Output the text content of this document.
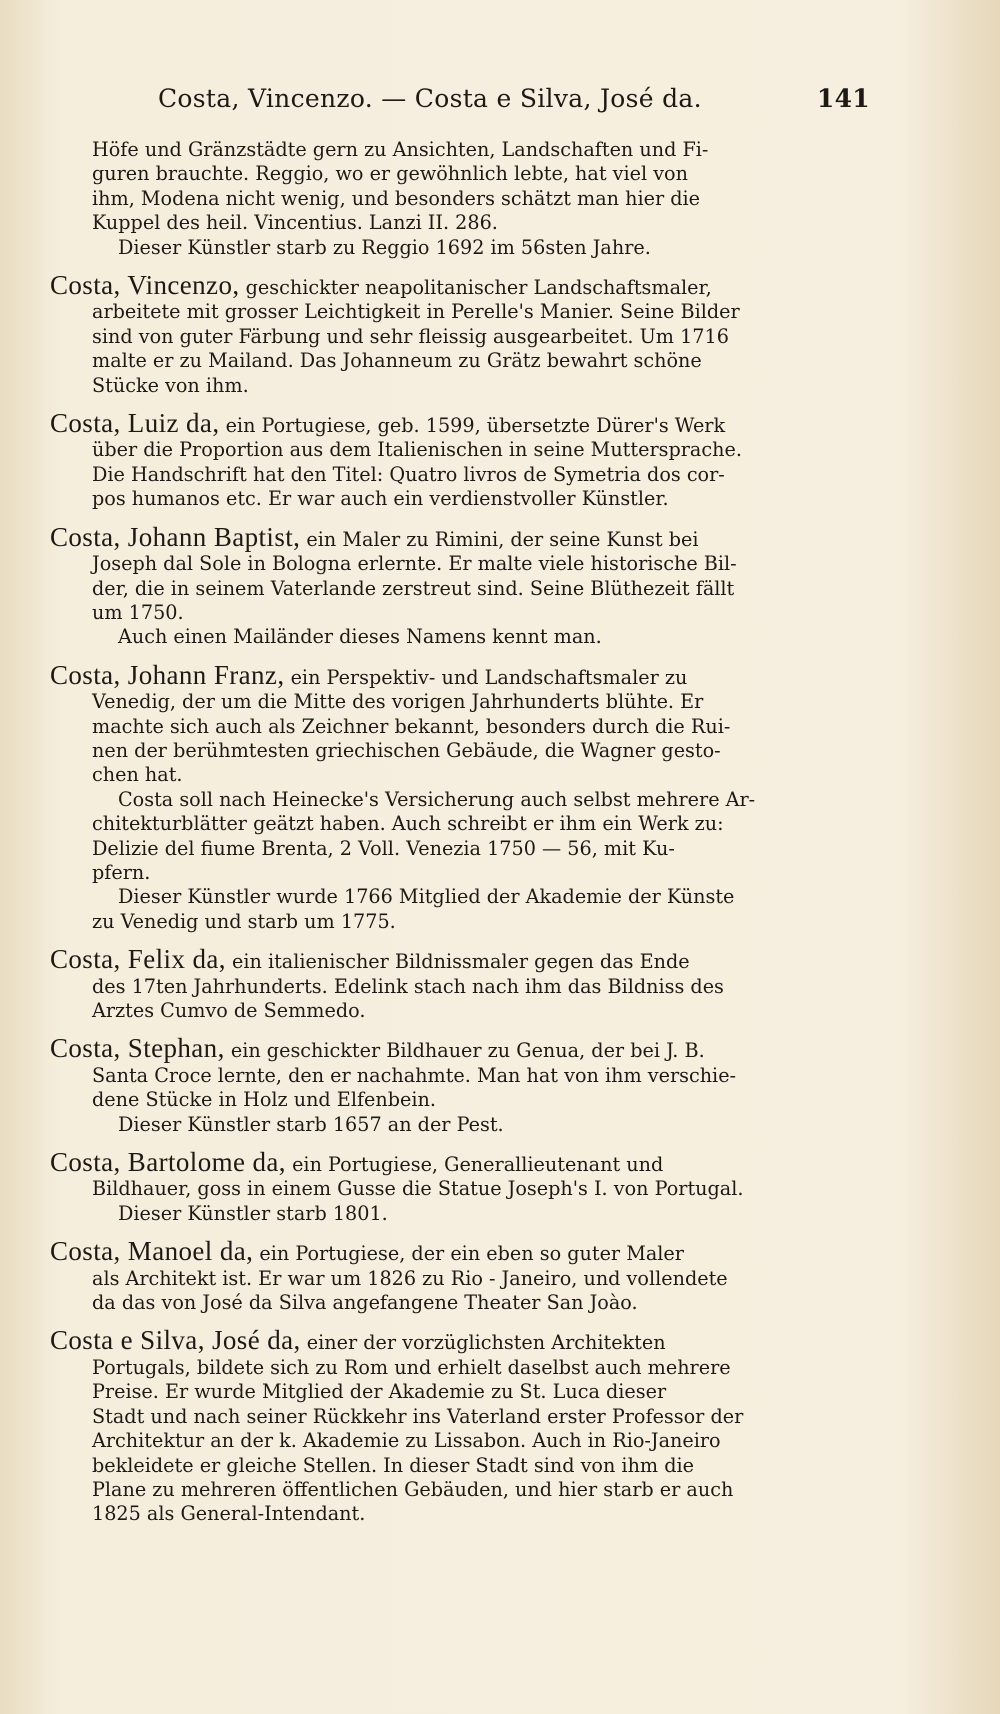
Costa, Vincenzo. — Costa e Silva, José da.	141
Höfe und Gränzstädte gern zu Ansichten, Landschaften und Fi-
guren brauchte. Reggio, wo er gewöhnlich lebte, hat viel von
ihm, Modena nicht wenig, und besonders schätzt man hier die
Kuppel des heil. Vincentius. Lanzi II. 286.
Dieser Künstler starb zu Reggio 1692 im 56sten Jahre.
Costa, Vincenzo, geschickter neapolitanischer Landschaftsmaler,
arbeitete mit grosser Leichtigkeit in Perelle's Manier. Seine Bilder
sind von guter Färbung und sehr fleissig ausgearbeitet. Um 1716
malte er zu Mailand. Das Johanneum zu Grätz bewahrt schöne
Stücke von ihm.
Costa, Luiz da, ein Portugiese, geb. 1599, übersetzte Dürer's Werk
über die Proportion aus dem Italienischen in seine Muttersprache.
Die Handschrift hat den Titel: Quatro livros de Symetria dos cor-
pos humanos etc. Er war auch ein verdienstvoller Künstler.
Costa, Johann Baptist, ein Maler zu Rimini, der seine Kunst bei
Joseph dal Sole in Bologna erlernte. Er malte viele historische Bil-
der, die in seinem Vaterlande zerstreut sind. Seine Blüthezeit fällt
um 1750.
Auch einen Mailänder dieses Namens kennt man.
Costa, Johann Franz, ein Perspektiv- und Landschaftsmaler zu
Venedig, der um die Mitte des vorigen Jahrhunderts blühte. Er
machte sich auch als Zeichner bekannt, besonders durch die Rui-
nen der berühmtesten griechischen Gebäude, die Wagner gesto-
chen hat.
Costa soll nach Heinecke's Versicherung auch selbst mehrere Ar-
chitekturblätter geätzt haben. Auch schreibt er ihm ein Werk zu:
Delizie del fiume Brenta, 2 Voll. Venezia 1750 — 56, mit Ku-
pfern.
Dieser Künstler wurde 1766 Mitglied der Akademie der Künste
zu Venedig und starb um 1775.
Costa, Felix da, ein italienischer Bildnissmaler gegen das Ende
des 17ten Jahrhunderts. Edelink stach nach ihm das Bildniss des
Arztes Cumvo de Semmedo.
Costa, Stephan, ein geschickter Bildhauer zu Genua, der bei J. B.
Santa Croce lernte, den er nachahmte. Man hat von ihm verschie-
dene Stücke in Holz und Elfenbein.
Dieser Künstler starb 1657 an der Pest.
Costa, Bartolome da, ein Portugiese, Generallieutenant und
Bildhauer, goss in einem Gusse die Statue Joseph's I. von Portugal.
Dieser Künstler starb 1801.
Costa, Manoel da, ein Portugiese, der ein eben so guter Maler
als Architekt ist. Er war um 1826 zu Rio - Janeiro, und vollendete
da das von José da Silva angefangene Theater San Joào.
Costa e Silva, José da, einer der vorzüglichsten Architekten
Portugals, bildete sich zu Rom und erhielt daselbst auch mehrere
Preise. Er wurde Mitglied der Akademie zu St. Luca dieser
Stadt und nach seiner Rückkehr ins Vaterland erster Professor der
Architektur an der k. Akademie zu Lissabon. Auch in Rio-Janeiro
bekleidete er gleiche Stellen. In dieser Stadt sind von ihm die
Plane zu mehreren öffentlichen Gebäuden, und hier starb er auch
1825 als General-Intendant.
